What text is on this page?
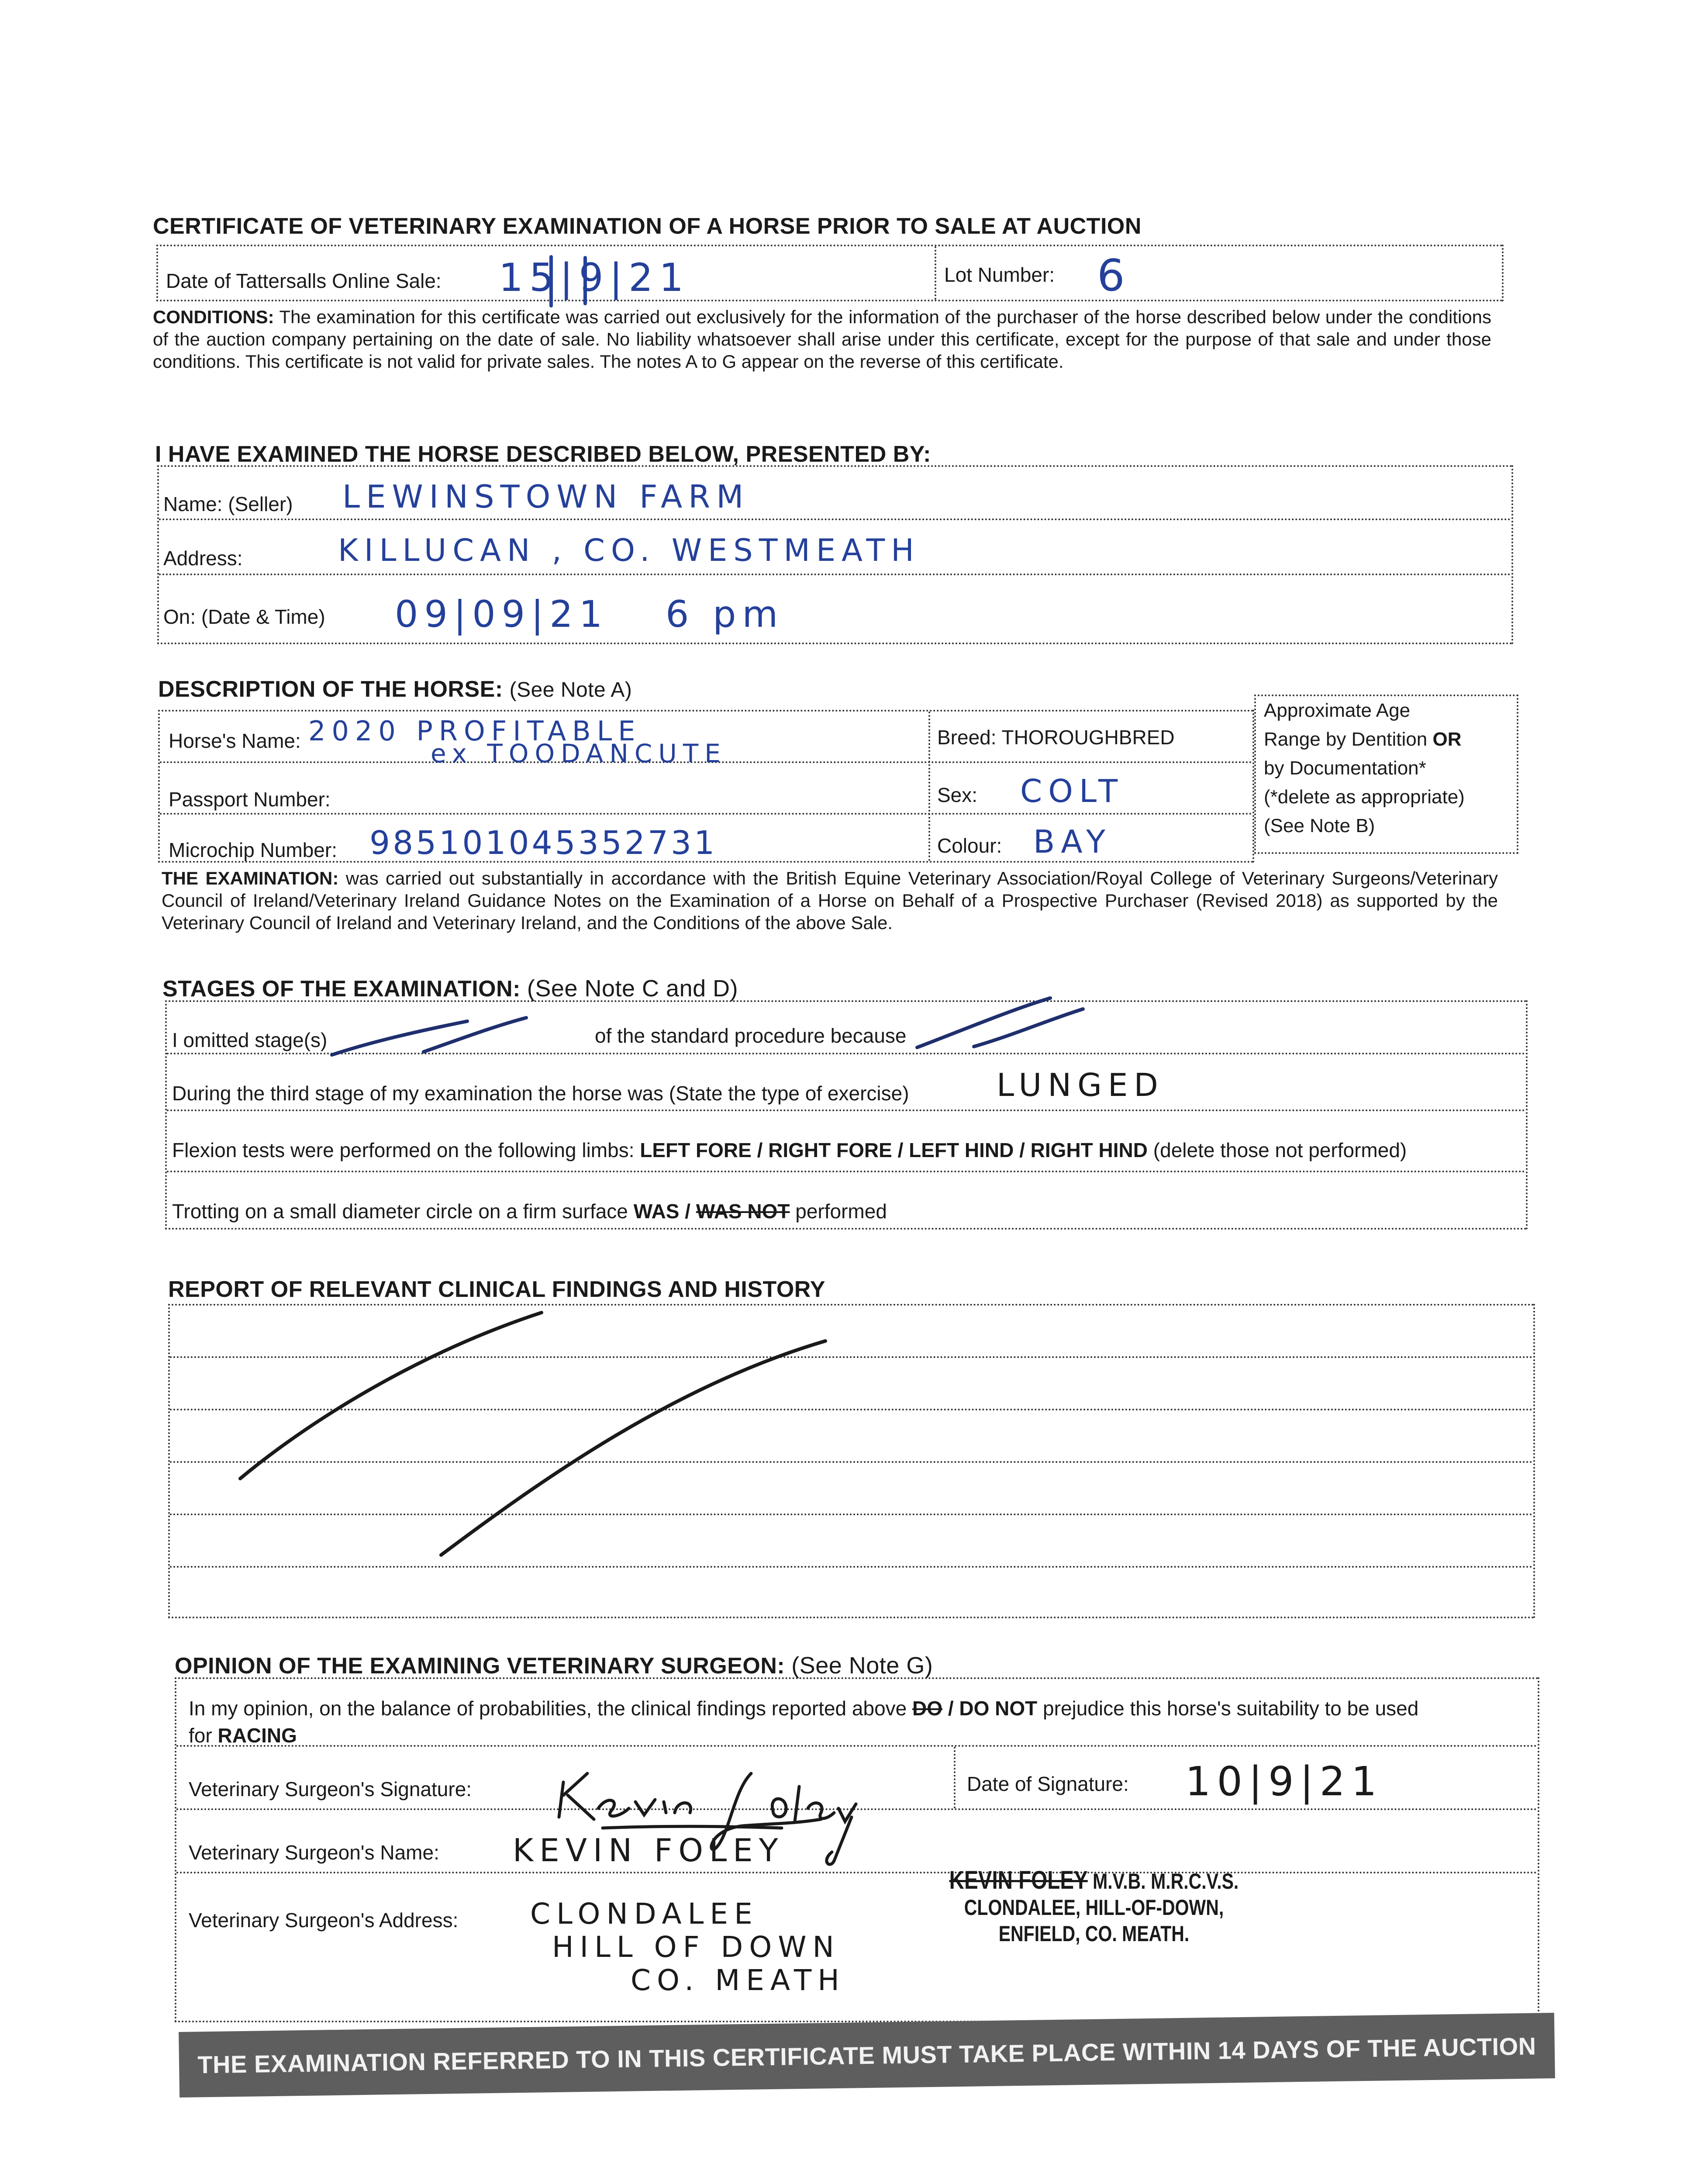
CERTIFICATE OF VETERINARY EXAMINATION OF A HORSE PRIOR TO SALE AT AUCTION
Date of Tattersalls Online Sale: 15|9|21	Lot Number: 6
CONDITIONS: The examination for this certificate was carried out exclusively for the information of the purchaser of the horse described below under the conditions of the auction company pertaining on the date of sale. No liability whatsoever shall arise under this certificate, except for the purpose of that sale and under those conditions. This certificate is not valid for private sales. The notes A to G appear on the reverse of this certificate.
I HAVE EXAMINED THE HORSE DESCRIBED BELOW, PRESENTED BY:
Name: (Seller) LEWINSTOWN FARM
Address:	KILLUCAN , CO. WESTMEATH
On: (Date & Time) 09|09|21 6 pm
DESCRIPTION OF THE HORSE: (See Note A)
Horse's Name: 2020 PROFITABLE
ex TOODANCUTE
Breed: THOROUGHBRED
Passport Number:	Sex: COLT
Microchip Number: 985101045352731	Colour: BAY
Approximate Age
Range by Dentition OR
by Documentation*
(*delete as appropriate)
(See Note B)
THE EXAMINATION: was carried out substantially in accordance with the British Equine Veterinary Association/Royal College of Veterinary Surgeons/Veterinary Council of Ireland/Veterinary Ireland Guidance Notes on the Examination of a Horse on Behalf of a Prospective Purchaser (Revised 2018) as supported by the Veterinary Council of Ireland and Veterinary Ireland, and the Conditions of the above Sale.
STAGES OF THE EXAMINATION: (See Note C and D)
I omitted stage(s)	of the standard procedure because
During the third stage of my examination the horse was (State the type of exercise)	LUNGED
Flexion tests were performed on the following limbs: LEFT FORE / RIGHT FORE / LEFT HIND / RIGHT HIND (delete those not performed)
Trotting on a small diameter circle on a firm surface WAS / WAS NOT performed
REPORT OF RELEVANT CLINICAL FINDINGS AND HISTORY
OPINION OF THE EXAMINING VETERINARY SURGEON: (See Note G)
In my opinion, on the balance of probabilities, the clinical findings reported above DO / DO NOT prejudice this horse's suitability to be used
for RACING
Veterinary Surgeon's Signature:	Date of Signature: 10|9|21
Veterinary Surgeon's Name: KEVIN FOLEY
Veterinary Surgeon's Address: CLONDALEE
HILL OF DOWN
CO. MEATH
KEVIN FOLEY M.V.B. M.R.C.V.S.
CLONDALEE, HILL-OF-DOWN,
ENFIELD, CO. MEATH.
THE EXAMINATION REFERRED TO IN THIS CERTIFICATE MUST TAKE PLACE WITHIN 14 DAYS OF THE AUCTION
